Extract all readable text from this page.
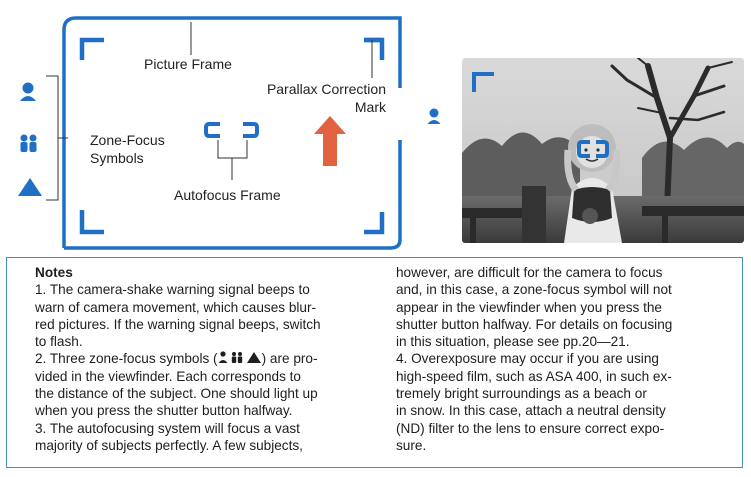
Picture Frame
Parallax Correction
Mark
Zone-Focus
Symbols
Autofocus Frame
Notes
1. The camera-shake warning signal beeps to
warn of camera movement, which causes blur-
red pictures. If the warning signal beeps, switch
to flash.
2. Three zone-focus symbols (	) are pro-
vided in the viewfinder. Each corresponds to
the distance of the subject. One should light up
when you press the shutter button halfway.
3. The autofocusing system will focus a vast
majority of subjects perfectly. A few subjects,
however, are difficult for the camera to focus
and, in this case, a zone-focus symbol will not
appear in the viewfinder when you press the
shutter button halfway. For details on focusing
in this situation, please see pp.20—21.
4. Overexposure may occur if you are using
high-speed film, such as ASA 400, in such ex-
tremely bright surroundings as a beach or
in snow. In this case, attach a neutral density
(ND) filter to the lens to ensure correct expo-
sure.
